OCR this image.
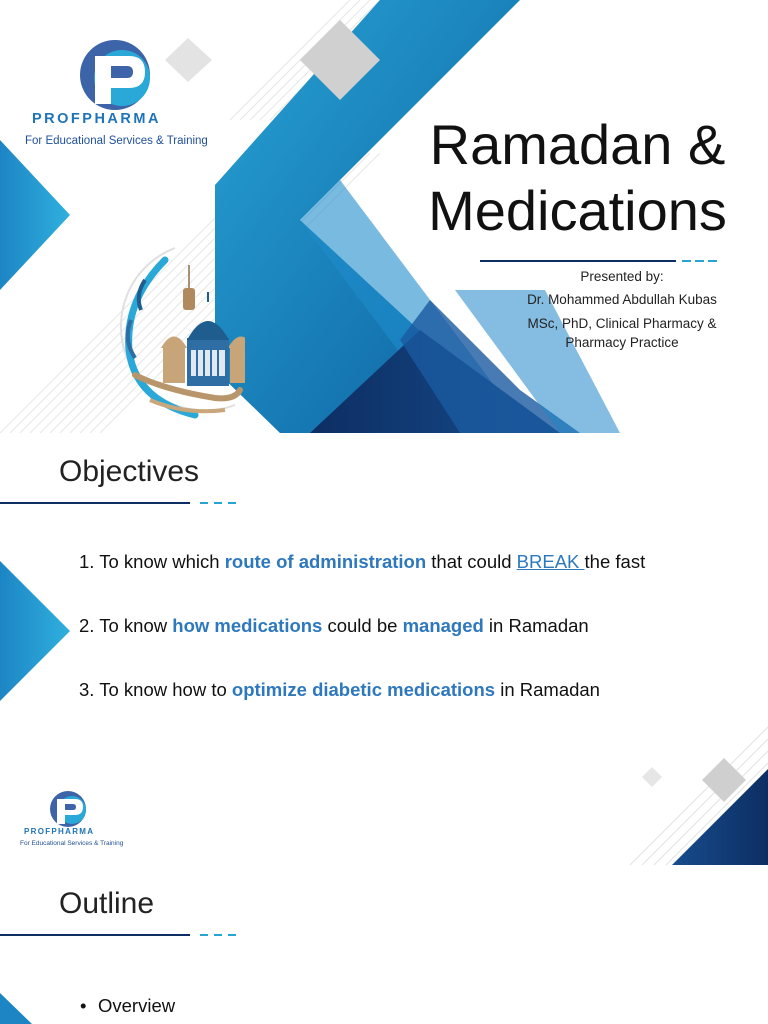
PROFPHARMA
For Educational Services & Training	Ramadan &
Medications
Presented by:
Dr. Mohammed Abdullah Kubas
MSc, PhD, Clinical Pharmacy &
Pharmacy Practice
Objectives
1. To know which route of administration that could BREAK the fast
2. To know how medications could be managed in Ramadan
3. To know how to optimize diabetic medications in Ramadan
PROFPHARMA
For Educational Services & Training
Outline
• Overview
